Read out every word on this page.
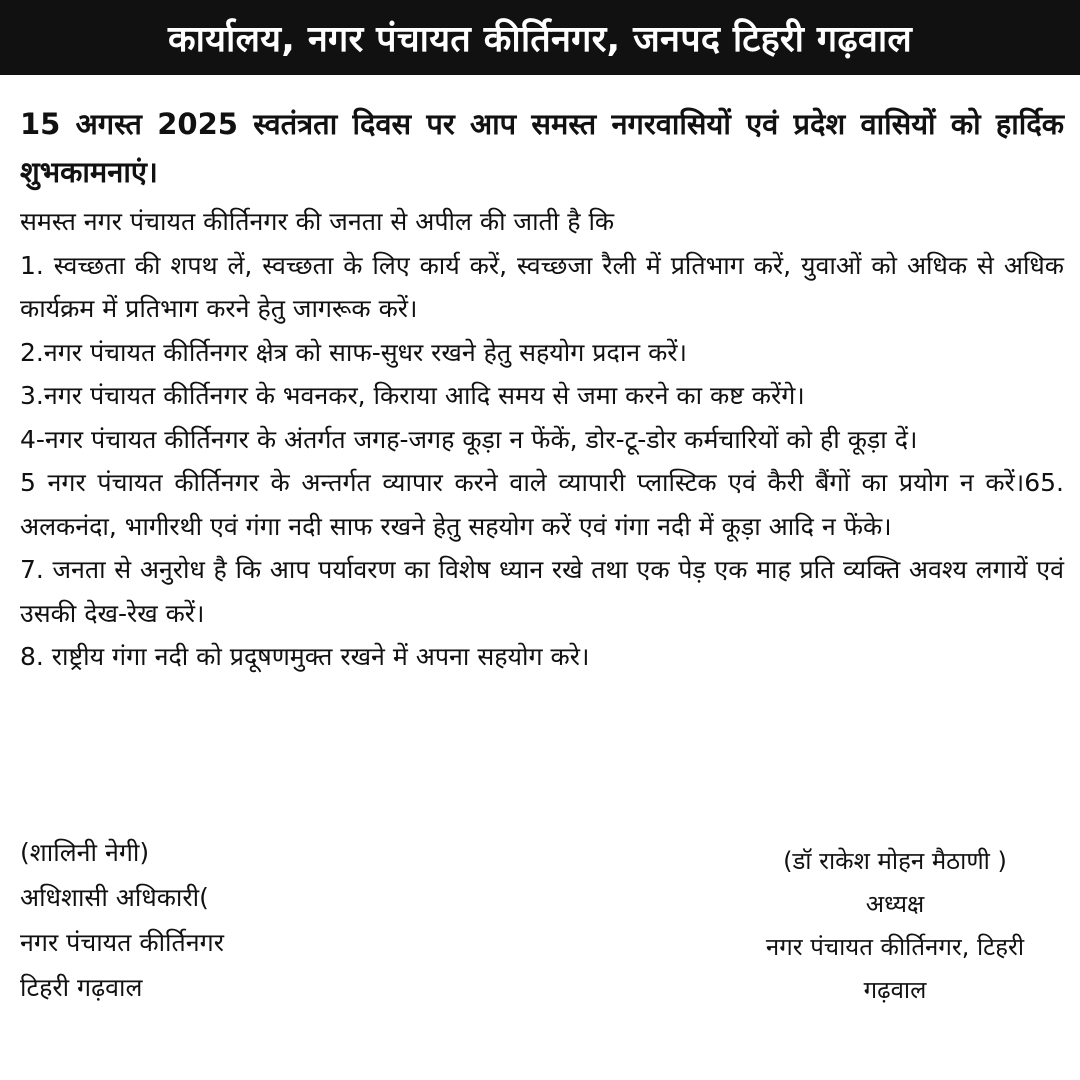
कार्यालय, नगर पंचायत कीर्तिनगर, जनपद टिहरी गढ़वाल

15 अगस्त 2025 स्वतंत्रता दिवस पर आप समस्त नगरवासियों एवं प्रदेश वासियों को हार्दिक शुभकामनाएं।

समस्त नगर पंचायत कीर्तिनगर की जनता से अपील की जाती है कि

1. स्वच्छता की शपथ लें, स्वच्छता के लिए कार्य करें, स्वच्छजा रैली में प्रतिभाग करें, युवाओं को अधिक से अधिक कार्यक्रम में प्रतिभाग करने हेतु जागरूक करें।

2.नगर पंचायत कीर्तिनगर क्षेत्र को साफ-सुधर रखने हेतु सहयोग प्रदान करें।

3.नगर पंचायत कीर्तिनगर के भवनकर, किराया आदि समय से जमा करने का कष्ट करेंगे।

4-नगर पंचायत कीर्तिनगर के अंतर्गत जगह-जगह कूड़ा न फेंकें, डोर-टू-डोर कर्मचारियों को ही कूड़ा दें।

5 नगर पंचायत कीर्तिनगर के अन्तर्गत व्यापार करने वाले व्यापारी प्लास्टिक एवं कैरी बैंगों का प्रयोग न करें।65. अलकनंदा, भागीरथी एवं गंगा नदी साफ रखने हेतु सहयोग करें एवं गंगा नदी में कूड़ा आदि न फेंके।

7. जनता से अनुरोध है कि आप पर्यावरण का विशेष ध्यान रखे तथा एक पेड़ एक माह प्रति व्यक्ति अवश्य लगायें एवं उसकी देख-रेख करें।

8. राष्ट्रीय गंगा नदी को प्रदूषणमुक्त रखने में अपना सहयोग करे।

(शालिनी नेगी)
अधिशासी अधिकारी(
नगर पंचायत कीर्तिनगर
टिहरी गढ़वाल
(डॉ राकेश मोहन मैठाणी )
अध्यक्ष
नगर पंचायत कीर्तिनगर, टिहरी
गढ़वाल
